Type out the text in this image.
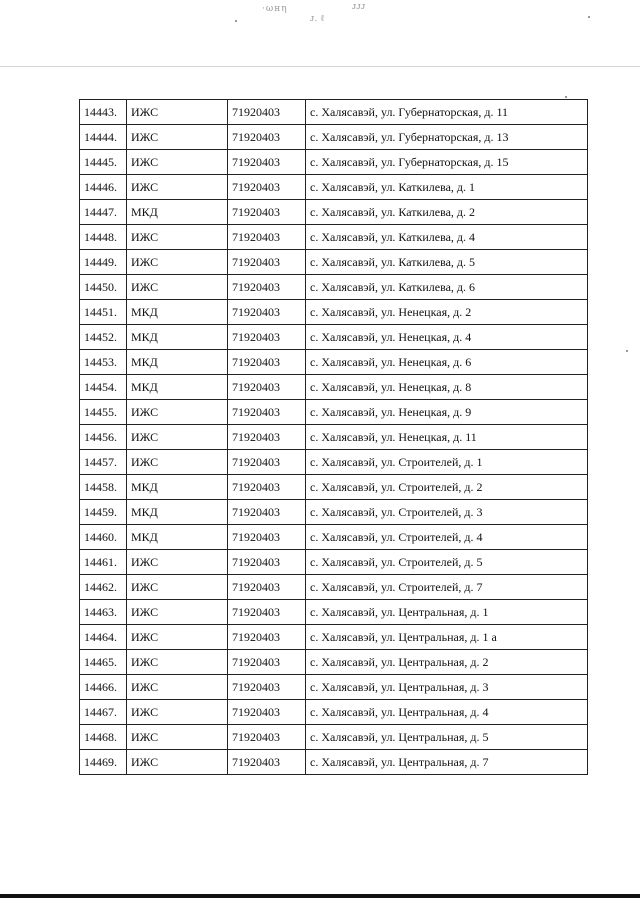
·ωнη	ᴊᴊᴊ
ᴊ. ℓ
14443.	ИЖС	71920403	с. Халясавэй, ул. Губернаторская, д. 11
14444.	ИЖС	71920403	с. Халясавэй, ул. Губернаторская, д. 13
14445.	ИЖС	71920403	с. Халясавэй, ул. Губернаторская, д. 15
14446.	ИЖС	71920403	с. Халясавэй, ул. Каткилева, д. 1
14447.	МКД	71920403	с. Халясавэй, ул. Каткилева, д. 2
14448.	ИЖС	71920403	с. Халясавэй, ул. Каткилева, д. 4
14449.	ИЖС	71920403	с. Халясавэй, ул. Каткилева, д. 5
14450.	ИЖС	71920403	с. Халясавэй, ул. Каткилева, д. 6
14451.	МКД	71920403	с. Халясавэй, ул. Ненецкая, д. 2
14452.	МКД	71920403	с. Халясавэй, ул. Ненецкая, д. 4
14453.	МКД	71920403	с. Халясавэй, ул. Ненецкая, д. 6
14454.	МКД	71920403	с. Халясавэй, ул. Ненецкая, д. 8
14455.	ИЖС	71920403	с. Халясавэй, ул. Ненецкая, д. 9
14456.	ИЖС	71920403	с. Халясавэй, ул. Ненецкая, д. 11
14457.	ИЖС	71920403	с. Халясавэй, ул. Строителей, д. 1
14458.	МКД	71920403	с. Халясавэй, ул. Строителей, д. 2
14459.	МКД	71920403	с. Халясавэй, ул. Строителей, д. 3
14460.	МКД	71920403	с. Халясавэй, ул. Строителей, д. 4
14461.	ИЖС	71920403	с. Халясавэй, ул. Строителей, д. 5
14462.	ИЖС	71920403	с. Халясавэй, ул. Строителей, д. 7
14463.	ИЖС	71920403	с. Халясавэй, ул. Центральная, д. 1
14464.	ИЖС	71920403	с. Халясавэй, ул. Центральная, д. 1 а
14465.	ИЖС	71920403	с. Халясавэй, ул. Центральная, д. 2
14466.	ИЖС	71920403	с. Халясавэй, ул. Центральная, д. 3
14467.	ИЖС	71920403	с. Халясавэй, ул. Центральная, д. 4
14468.	ИЖС	71920403	с. Халясавэй, ул. Центральная, д. 5
14469.	ИЖС	71920403	с. Халясавэй, ул. Центральная, д. 7
